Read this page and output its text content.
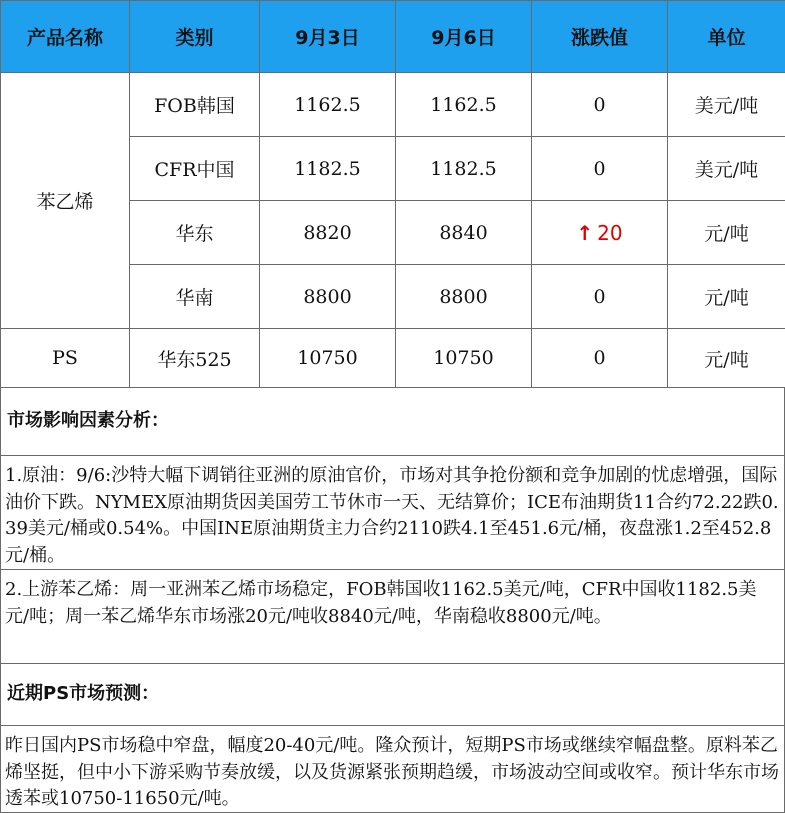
产品名称	类别	9月3日	9月6日	涨跌值	单位
苯乙烯	FOB韩国	1162.5	1162.5	0	美元/吨
	CFR中国	1182.5	1182.5	0	美元/吨
	华东	8820	8840	↑ 20	元/吨
	华南	8800	8800	0	元/吨
PS	华东525	10750	10750	0	元/吨
市场影响因素分析：
1.原油：9/6:沙特大幅下调销往亚洲的原油官价，市场对其争抢份额和竞争加剧的忧虑增强，国际油价下跌。NYMEX原油期货因美国劳工节休市一天、无结算价；ICE布油期货11合约72.22跌0.39美元/桶或0.54%。中国INE原油期货主力合约2110跌4.1至451.6元/桶，夜盘涨1.2至452.8元/桶。
2.上游苯乙烯：周一亚洲苯乙烯市场稳定，FOB韩国收1162.5美元/吨，CFR中国收1182.5美元/吨；周一苯乙烯华东市场涨20元/吨收8840元/吨，华南稳收8800元/吨。
近期PS市场预测：
昨日国内PS市场稳中窄盘，幅度20-40元/吨。隆众预计，短期PS市场或继续窄幅盘整。原料苯乙烯坚挺，但中小下游采购节奏放缓，以及货源紧张预期趋缓，市场波动空间或收窄。预计华东市场透苯或10750-11650元/吨。
